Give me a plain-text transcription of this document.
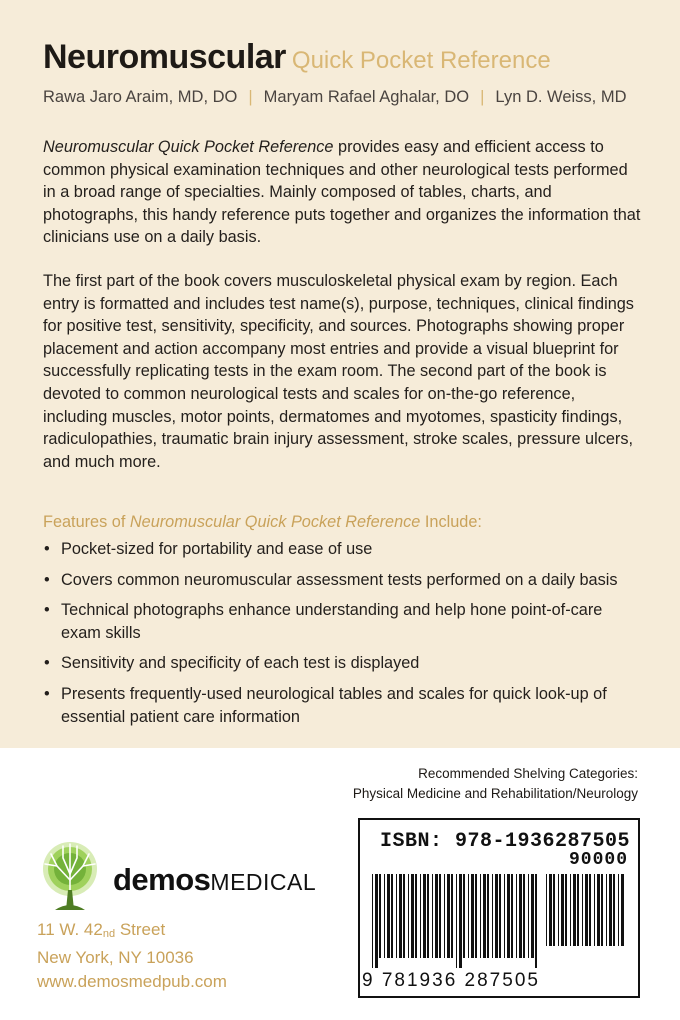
Neuromuscular Quick Pocket Reference
Rawa Jaro Araim, MD, DO | Maryam Rafael Aghalar, DO | Lyn D. Weiss, MD
Neuromuscular Quick Pocket Reference provides easy and efficient access to common physical examination techniques and other neurological tests performed in a broad range of specialties. Mainly composed of tables, charts, and photographs, this handy reference puts together and organizes the information that clinicians use on a daily basis.
The first part of the book covers musculoskeletal physical exam by region. Each entry is formatted and includes test name(s), purpose, techniques, clinical findings for positive test, sensitivity, specificity, and sources. Photographs showing proper placement and action accompany most entries and provide a visual blueprint for successfully replicating tests in the exam room. The second part of the book is devoted to common neurological tests and scales for on-the-go reference, including muscles, motor points, dermatomes and myotomes, spasticity findings, radiculopathies, traumatic brain injury assessment, stroke scales, pressure ulcers, and much more.
Features of Neuromuscular Quick Pocket Reference Include:
• Pocket-sized for portability and ease of use
• Covers common neuromuscular assessment tests performed on a daily basis
• Technical photographs enhance understanding and help hone point-of-care exam skills
• Sensitivity and specificity of each test is displayed
• Presents frequently-used neurological tables and scales for quick look-up of essential patient care information
Recommended Shelving Categories:
Physical Medicine and Rehabilitation/Neurology
ISBN: 978-1936287505
90000
9 781936 287505
demosMEDICAL
11 W. $42_{nd}$ Street
New York, NY 10036
www.demosmedpub.com
